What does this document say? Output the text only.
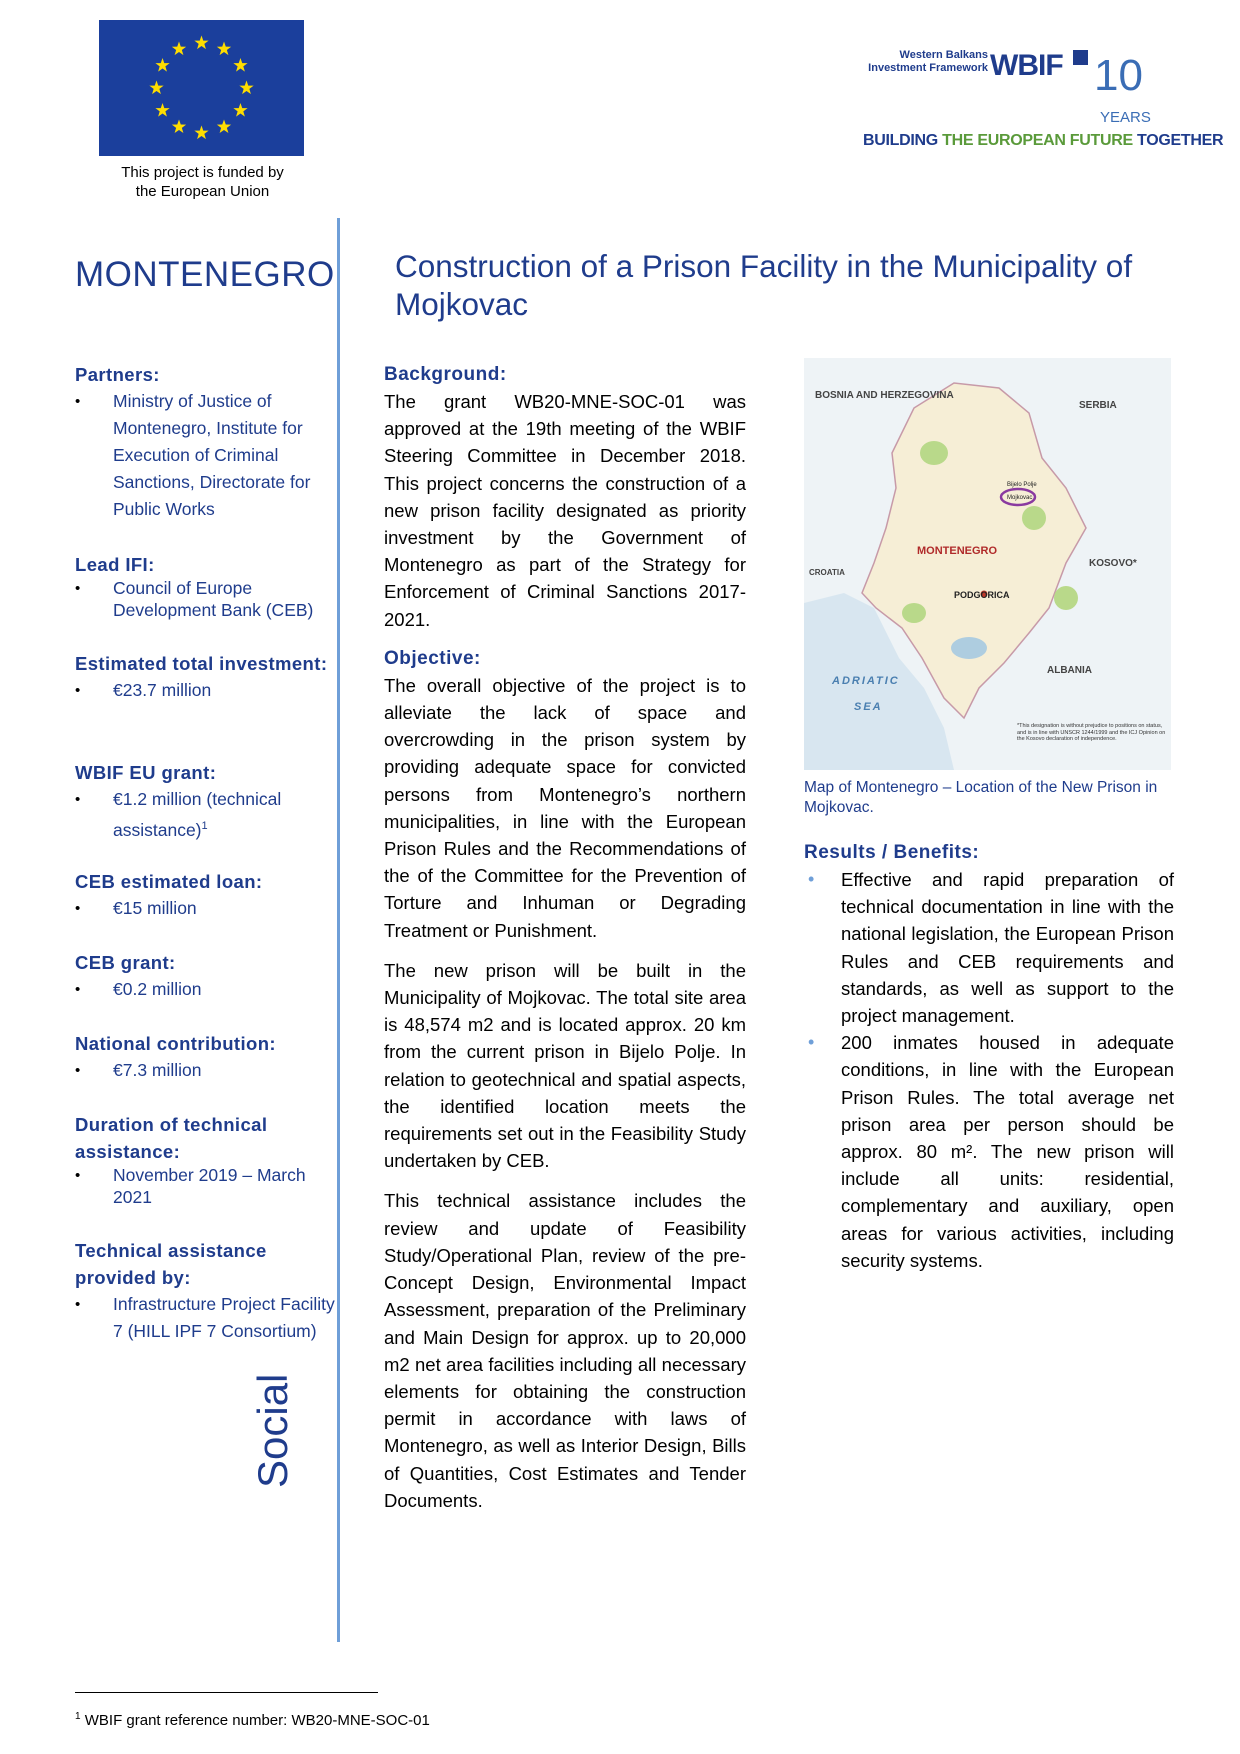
This project is funded by
the European Union
Western Balkans
Investment Framework WBIF 10
YEARS
BUILDING THE EUROPEAN FUTURE TOGETHER
MONTENEGRO Construction of a Prison Facility in the Municipality of Mojkovac
Partners:
• Ministry of Justice of Montenegro, Institute for Execution of Criminal Sanctions, Directorate for Public Works
Lead IFI:
• Council of Europe Development Bank (CEB)
Estimated total investment:
• €23.7 million
WBIF EU grant:
• €1.2 million (technical assistance)$^1$
CEB estimated loan:
• €15 million
CEB grant:
• €0.2 million
National contribution:
• €7.3 million
Duration of technical assistance:
• November 2019 – March 2021
Technical assistance provided by:
• Infrastructure Project Facility 7 (HILL IPF 7 Consortium)
Social
Background:

The grant WB20-MNE-SOC-01 was approved at the 19th meeting of the WBIF Steering Committee in December 2018. This project concerns the construction of a new prison facility designated as priority investment by the Government of Montenegro as part of the Strategy for Enforcement of Criminal Sanctions 2017-2021.

Objective:

The overall objective of the project is to alleviate the lack of space and overcrowding in the prison system by providing adequate space for convicted persons from Montenegro’s northern municipalities, in line with the European Prison Rules and the Recommendations of the of the Committee for the Prevention of Torture and Inhuman or Degrading Treatment or Punishment.

The new prison will be built in the Municipality of Mojkovac. The total site area is 48,574 m2 and is located approx. 20 km from the current prison in Bijelo Polje. In relation to geotechnical and spatial aspects, the identified location meets the requirements set out in the Feasibility Study undertaken by CEB.

This technical assistance includes the review and update of Feasibility Study/Operational Plan, review of the pre-Concept Design, Environmental Impact Assessment, preparation of the Preliminary and Main Design for approx. up to 20,000 m2 net area facilities including all necessary elements for obtaining the construction permit in accordance with laws of Montenegro, as well as Interior Design, Bills of Quantities, Cost Estimates and Tender Documents.

BOSNIA AND HERZEGOVINA
SERBIA
MONTENEGRO
KOSOVO*
CROATIA
ALBANIA
PODGORICA
ADRIATIC
SEA
Mojkovac
Bijelo Polje
*This designation is without prejudice to positions on status, and is in line with UNSCR 1244/1999 and the ICJ Opinion on the Kosovo declaration of independence.
Map of Montenegro – Location of the New Prison in Mojkovac.
Results / Benefits:
• Effective and rapid preparation of technical documentation in line with the national legislation, the European Prison Rules and CEB requirements and standards, as well as support to the project management.
• 200 inmates housed in adequate conditions, in line with the European Prison Rules. The total average net prison area per person should be approx. 80 m². The new prison will include all units: residential, complementary and auxiliary, open areas for various activities, including security systems.
$^1$ WBIF grant reference number: WB20-MNE-SOC-01
